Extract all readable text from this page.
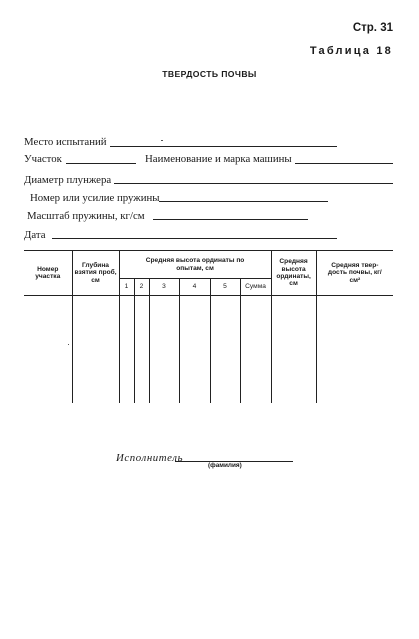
Стр. 31
Таблица 18
ТВЕРДОСТЬ ПОЧВЫ
Место испытаний
Участок	Наименование и марка машины
Диаметр плунжера
Номер или усилие пружины
Масштаб пружины, кг/см
Дата
Номер участка	Глубина взятия проб, см	Средняя высота ординаты по опытам, см						Средняя высота ординаты, см	Средняя твер- дость почвы, кг/см²
		1	2	3	4	5	Сумма		

Исполнитель
(фамилия)
